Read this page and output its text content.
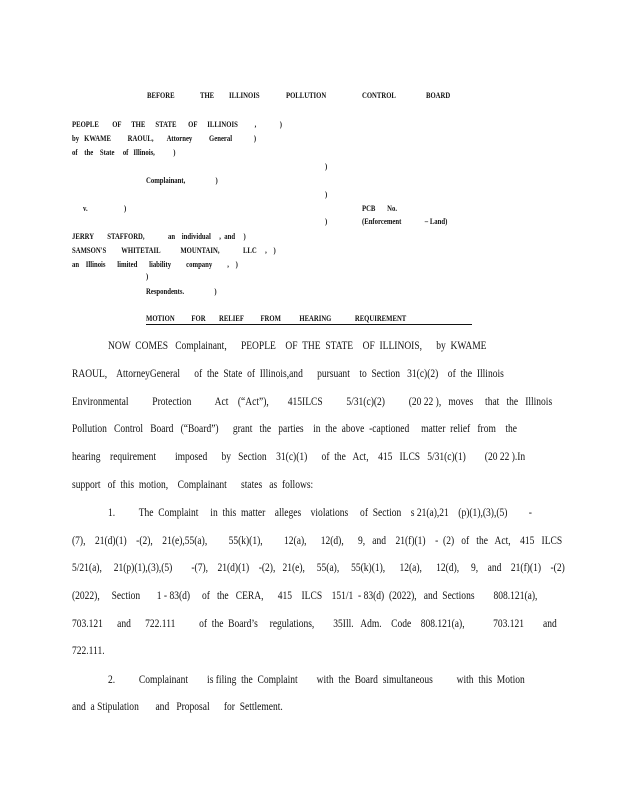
BEFORE	THE ILLINOIS	POLLUTION	CONTROL	BOARD
PEOPLE        OF      THE      STATE       OF      ILLINOIS          ,              )
by   KWAME          RAOUL,        Attorney          General             )
of    the    State     of   Illinois,           )
)
Complainant,                  )
)
v.	)	PCB       No.
)	(Enforcement              – Land)
JERRY        STAFFORD,              an    individual     ,  and     )
SAMSON'S         WHITETAIL            MOUNTAIN,              LLC     ,    )
an    Illinois       limited       liability         company         ,    )
)
Respondents.                  )
MOTION          FOR        RELIEF          FROM           HEARING              REQUIREMENT
NOW  COMES   Complainant,      PEOPLE    OF  THE  STATE    OF  ILLINOIS,      by  KWAME
RAOUL,    AttorneyGeneral      of  the  State  of  Illinois,and      pursuant    to  Section   31(c)(2)    of  the  Illinois
Environmental          Protection          Act    (“Act”),        415ILCS          5/31(c)(2)          (20 22 ),   moves     that   the   Illinois
Pollution   Control   Board   (“Board”)      grant   the   parties    in  the  above  -captioned     matter  relief   from    the
hearing    requirement        imposed      by   Section    31(c)(1)      of  the   Act,    415   ILCS   5/31(c)(1)        (20 22 ).In
support   of  this  motion,    Complainant      states   as  follows:
1.          The  Complaint     in  this  matter    alleges    violations     of  Section    s 21(a),21    (p)(1),(3),(5)         -
(7),    21(d)(1)    -(2),    21(e),55(a),         55(k)(1),         12(a),      12(d),      9,   and    21(f)(1)    -  (2)   of   the   Act,    415   ILCS
5/21(a),     21(p)(1),(3),(5)        -(7),    21(d)(1)    -(2),   21(e),     55(a),     55(k)(1),      12(a),      12(d),     9,    and    21(f)(1)    -(2)
(2022),     Section       1 - 83(d)     of   the   CERA,      415    ILCS    151/1  - 83(d)  (2022),   and  Sections        808.121(a),
703.121      and      722.111          of  the  Board’s     regulations,        35Ill.   Adm.    Code    808.121(a),            703.121        and
722.111.
2.          Complainant        is filing  the  Complaint        with  the  Board  simultaneous          with  this  Motion
and  a Stipulation       and   Proposal      for  Settlement.
